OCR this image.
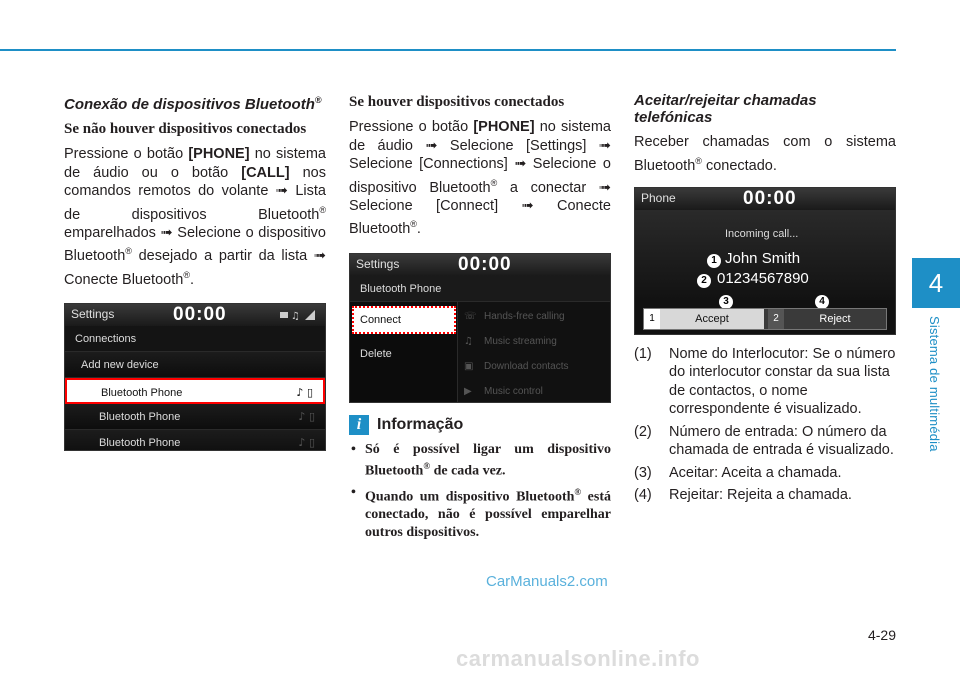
4
Sistema de multimédia
Conexão de dispositivos Bluetooth®
Se não houver dispositivos conectados

Pressione o botão [PHONE] no sistema de áudio ou o botão [CALL] nos comandos remotos do volante ➟ Lista de dispositivos Bluetooth® emparelhados ➟ Selecione o dispositivo Bluetooth® desejado a partir da lista ➟ Conecte Bluetooth®.

Settings	00:00	♫
Connections
Add new device
Bluetooth Phone	♪ ▯
Bluetooth Phone	♪ ▯
Bluetooth Phone	♪ ▯
Se houver dispositivos conectados

Pressione o botão [PHONE] no sistema de áudio ➟ Selecione [Settings] ➟ Selecione [Connections] ➟ Selecione o dispositivo Bluetooth® a conectar ➟ Selecione [Connect] ➟ Conecte Bluetooth®.

Settings	00:00
Bluetooth Phone
Connect
Delete
☏ Hands-free calling
♫ Music streaming
▣ Download contacts
▶ Music control
i Informação
• Só é possível ligar um dispositivo Bluetooth® de cada vez.
• Quando um dispositivo Bluetooth® está conectado, não é possível emparelhar outros dispositivos.
Aceitar/rejeitar chamadas telefónicas

Receber chamadas com o sistema Bluetooth® conectado.

Phone	00:00
Incoming call...
1 John Smith
2 01234567890
3	4
1	Accept	2	Reject
(1) Nome do Interlocutor: Se o número do interlocutor constar da sua lista de contactos, o nome correspondente é visualizado.
(2) Número de entrada: O número da chamada de entrada é visualizado.
(3) Aceitar: Aceita a chamada.
(4) Rejeitar: Rejeita a chamada.
CarManuals2.com
4-29
carmanualsonline.info
